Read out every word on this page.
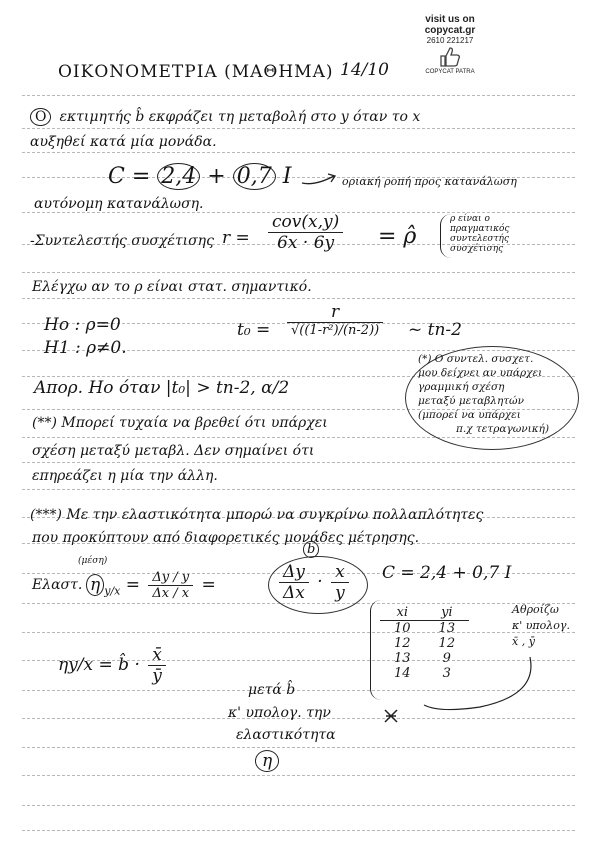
visit us on
copycat.gr
2610 221217
COPYCAT PATRA
ΟΙΚΟΝΟΜΕΤΡΙΑ (ΜΑΘΗΜΑ) 14/10
O εκτιμητής b̂ εκφράζει τη μεταβολή στο y όταν το x
αυξηθεί κατά μία μονάδα.
C = 2,4 + 0,7 I	οριακή ροπή προς κατανάλωση
αυτόνομη κατανάλωση.
-Συντελεστής συσχέτισης $r = \frac{\text{cov(x,y)}}{6x \cdot 6y}$ = ρ̂
ρ είναι ο
πραγματικός
συντελεστής
συσχέτισης
Ελέγχω αν το ρ είναι στατ. σημαντικό.
Ho : ρ=0
H1 : ρ≠0.
$t_0 = \frac{r}{\text{√((1-r²)/(n-2))}}$ ~ tn-2
Απορ. Ho όταν |t₀| > tn-2, α/2
(*) Ο συντελ. συσχετ.
μου δείχνει αν υπάρχει
γραμμική σχέση
μεταξύ μεταβλητών
(μπορεί να υπάρχει
π.χ τετραγωνική)
(**) Μπορεί τυχαία να βρεθεί ότι υπάρχει
σχέση μεταξύ μεταβλ. Δεν σημαίνει ότι
επηρεάζει η μία την άλλη.
(***) Με την ελαστικότητα μπορώ να συγκρίνω πολλαπλότητες
που προκύπτουν από διαφορετικές μονάδες μέτρησης.
(μέση)
Ελαστ. η $_{y/x} = \frac{\Delta y / y}{\Delta x / x}$ =	$\frac{\Delta y}{\Delta x} \cdot \frac{x}{y}$
b
C = 2,4 + 0,7 I
ηy/x = b̂ · $\frac{x̄}{ȳ}$
xi	yi
10	13
12	12
13	9
14	3
Αθροίζω
κ' υπολογ.
x̄ , ȳ
μετά b̂
κ' υπολογ. την
ελαστικότητα
η
